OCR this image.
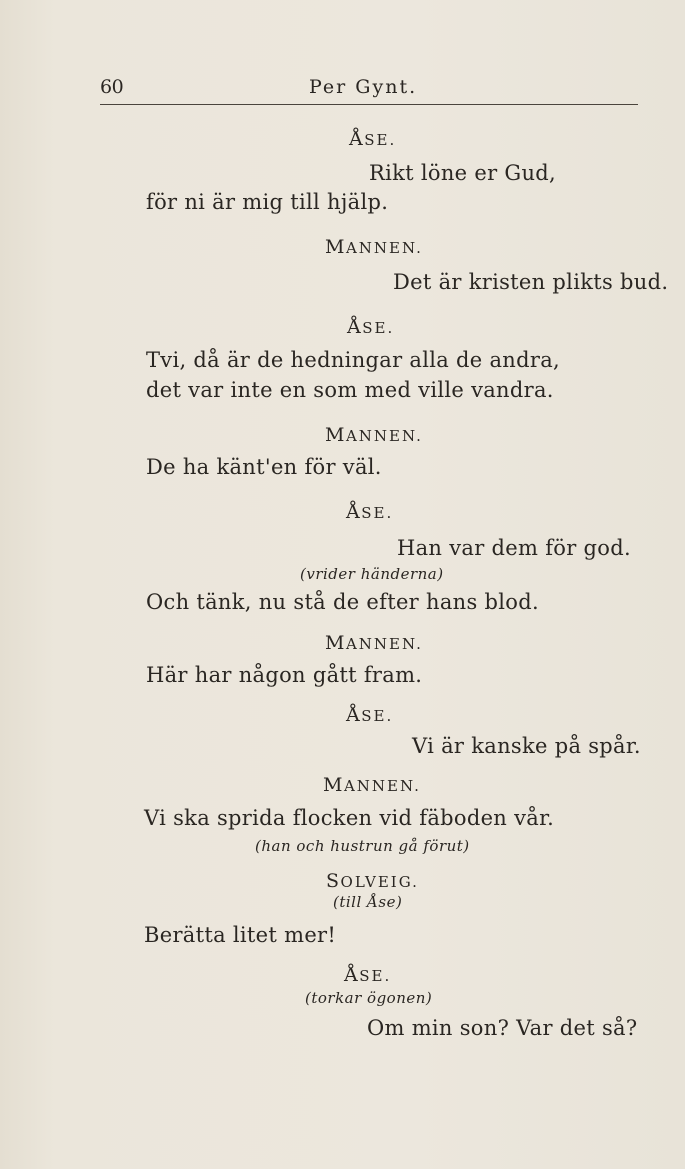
60	Per Gynt.
ÅSE.
Rikt löne er Gud,
för ni är mig till hjälp.
MANNEN.
Det är kristen plikts bud.
ÅSE.
Tvi, då är de hedningar alla de andra,
det var inte en som med ville vandra.
MANNEN.
De ha känt'en för väl.
ÅSE.
Han var dem för god.
(vrider händerna)
Och tänk, nu stå de efter hans blod.
MANNEN.
Här har någon gått fram.
ÅSE.
Vi är kanske på spår.
MANNEN.
Vi ska sprida flocken vid fäboden vår.
(han och hustrun gå förut)
SOLVEIG.
(till Åse)
Berätta litet mer!
ÅSE.
(torkar ögonen)
Om min son? Var det så?
